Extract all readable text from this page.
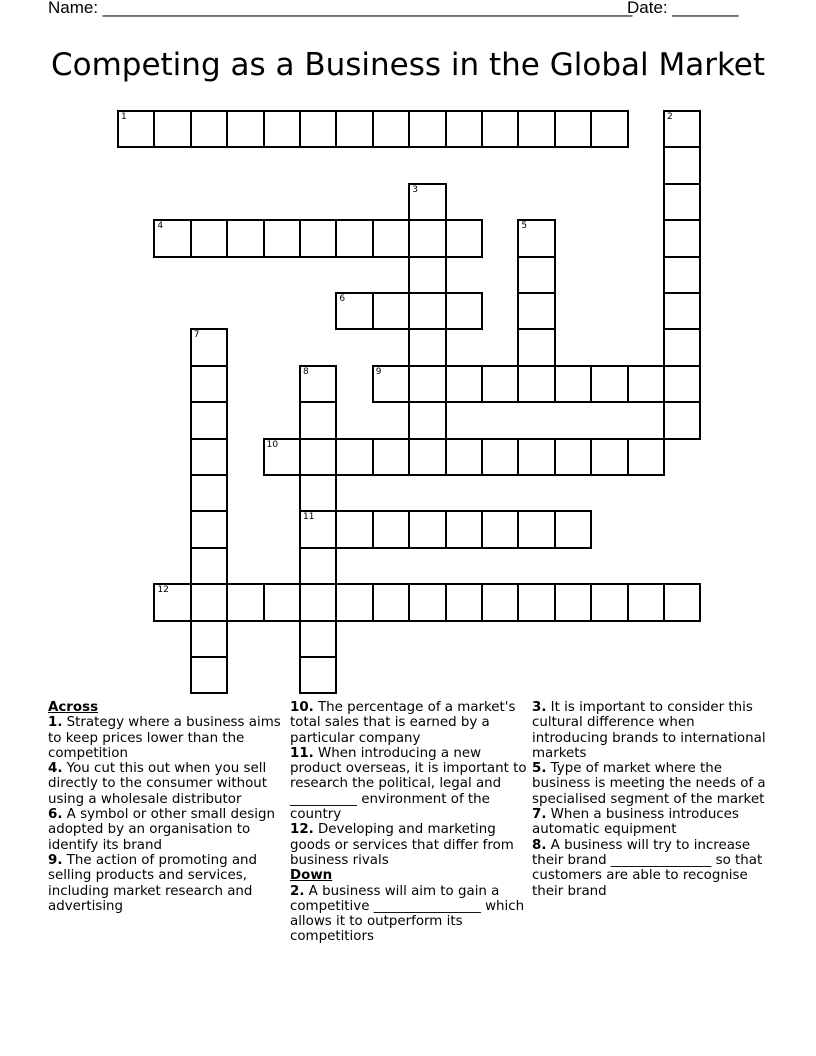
Name: ________________________________________________________
Date: _______
Competing as a Business in the Global Market
1	2
3
4	5
6
7
8
11
9
10
12

Across

1. Strategy where a business aims to keep prices lower than the competition

4. You cut this out when you sell directly to the consumer without using a wholesale distributor

6. A symbol or other small design adopted by an organisation to identify its brand

9. The action of promoting and selling products and services, including market research and advertising

10. The percentage of a market's total sales that is earned by a particular company

11. When introducing a new product overseas, it is important to research the political, legal and __________ environment of the country

12. Developing and marketing goods or services that differ from business rivals

Down

2. A business will aim to gain a competitive ________________ which allows it to outperform its competitiors

3. It is important to consider this cultural difference when introducing brands to international markets

5. Type of market where the business is meeting the needs of a specialised segment of the market

7. When a business introduces automatic equipment

8. A business will try to increase their brand _______________ so that customers are able to recognise their brand
